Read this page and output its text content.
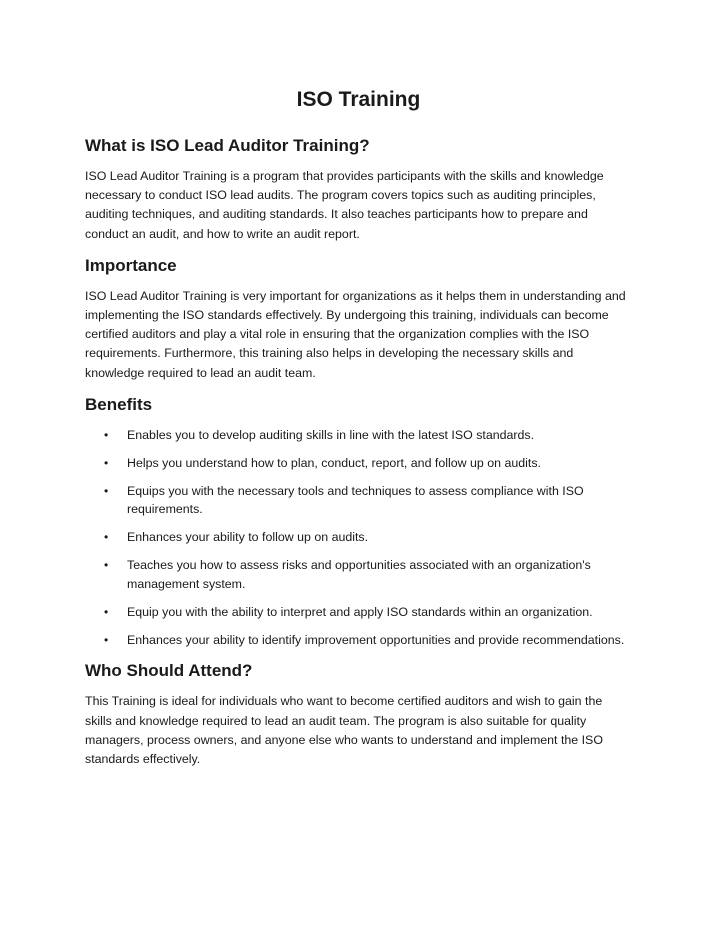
ISO Training
What is ISO Lead Auditor Training?

ISO Lead Auditor Training is a program that provides participants with the skills and knowledge necessary to conduct ISO lead audits. The program covers topics such as auditing principles, auditing techniques, and auditing standards. It also teaches participants how to prepare and conduct an audit, and how to write an audit report.

Importance

ISO Lead Auditor Training is very important for organizations as it helps them in understanding and implementing the ISO standards effectively. By undergoing this training, individuals can become certified auditors and play a vital role in ensuring that the organization complies with the ISO requirements. Furthermore, this training also helps in developing the necessary skills and knowledge required to lead an audit team.

Benefits
• Enables you to develop auditing skills in line with the latest ISO standards.
• Helps you understand how to plan, conduct, report, and follow up on audits.
• Equips you with the necessary tools and techniques to assess compliance with ISO requirements.
• Enhances your ability to follow up on audits.
• Teaches you how to assess risks and opportunities associated with an organization's management system.
• Equip you with the ability to interpret and apply ISO standards within an organization.
• Enhances your ability to identify improvement opportunities and provide recommendations.
Who Should Attend?

This Training is ideal for individuals who want to become certified auditors and wish to gain the skills and knowledge required to lead an audit team. The program is also suitable for quality managers, process owners, and anyone else who wants to understand and implement the ISO standards effectively.
